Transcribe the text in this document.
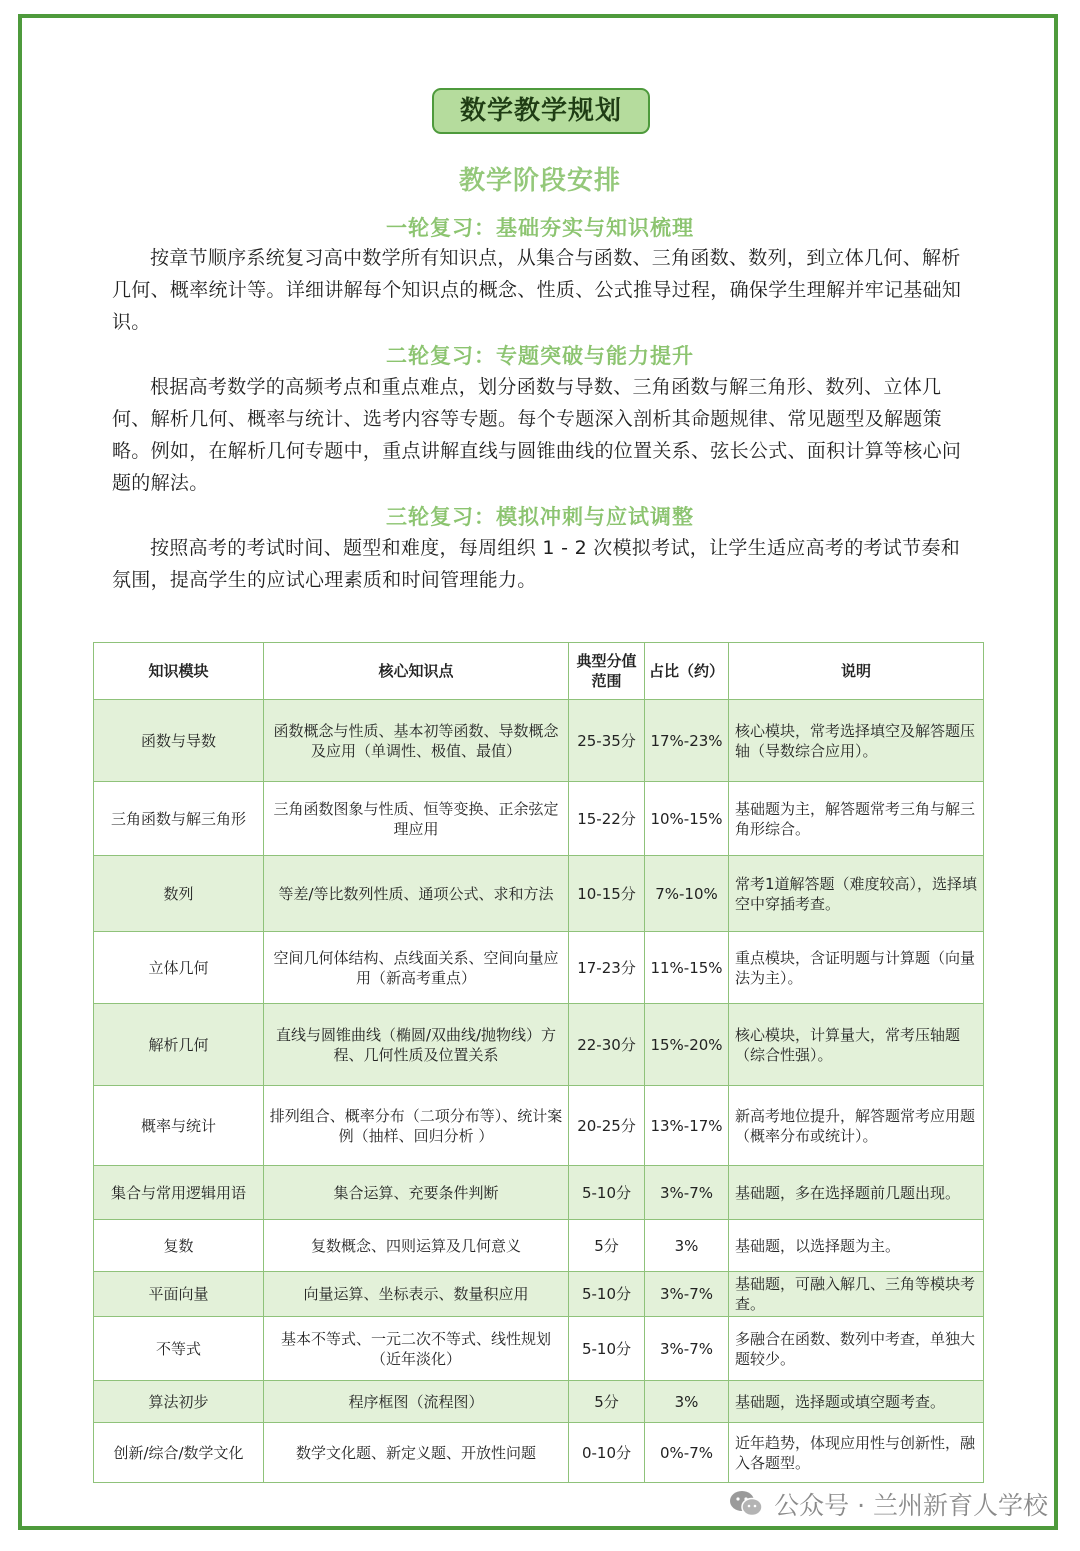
数学教学规划
教学阶段安排
一轮复习：基础夯实与知识梳理

按章节顺序系统复习高中数学所有知识点，从集合与函数、三角函数、数列，到立体几何、解析几何、概率统计等。详细讲解每个知识点的概念、性质、公式推导过程，确保学生理解并牢记基础知识。

二轮复习：专题突破与能力提升

根据高考数学的高频考点和重点难点，划分函数与导数、三角函数与解三角形、数列、立体几何、解析几何、概率与统计、选考内容等专题。每个专题深入剖析其命题规律、常见题型及解题策略。例如，在解析几何专题中，重点讲解直线与圆锥曲线的位置关系、弦长公式、面积计算等核心问题的解法。

三轮复习：模拟冲刺与应试调整

按照高考的考试时间、题型和难度，每周组织 1 - 2 次模拟考试，让学生适应高考的考试节奏和氛围，提高学生的应试心理素质和时间管理能力。

知识模块	核心知识点	典型分值范围	占比（约）	说明
函数与导数	函数概念与性质、基本初等函数、导数概念及应用（单调性、极值、最值）	25-35分	17%-23%	核心模块，常考选择填空及解答题压轴（导数综合应用）。
三角函数与解三角形	三角函数图象与性质、恒等变换、正余弦定理应用	15-22分	10%-15%	基础题为主，解答题常考三角与解三角形综合。
数列	等差/等比数列性质、通项公式、求和方法	10-15分	7%-10%	常考1道解答题（难度较高），选择填空中穿插考查。
立体几何	空间几何体结构、点线面关系、空间向量应用（新高考重点）	17-23分	11%-15%	重点模块，含证明题与计算题（向量法为主）。
解析几何	直线与圆锥曲线（椭圆/双曲线/抛物线）方程、几何性质及位置关系	22-30分	15%-20%	核心模块，计算量大，常考压轴题（综合性强）。
概率与统计	排列组合、概率分布（二项分布等）、统计案例（抽样、回归分析 ）	20-25分	13%-17%	新高考地位提升，解答题常考应用题（概率分布或统计）。
集合与常用逻辑用语	集合运算、充要条件判断	5-10分	3%-7%	基础题，多在选择题前几题出现。
复数	复数概念、四则运算及几何意义	5分	3%	基础题，以选择题为主。
平面向量	向量运算、坐标表示、数量积应用	5-10分	3%-7%	基础题，可融入解几、三角等模块考查。
不等式	基本不等式、一元二次不等式、线性规划（近年淡化）	5-10分	3%-7%	多融合在函数、数列中考查，单独大题较少。
算法初步	程序框图（流程图）	5分	3%	基础题，选择题或填空题考查。
创新/综合/数学文化	数学文化题、新定义题、开放性问题	0-10分	0%-7%	近年趋势，体现应用性与创新性，融入各题型。
公众号 · 兰州新育人学校
